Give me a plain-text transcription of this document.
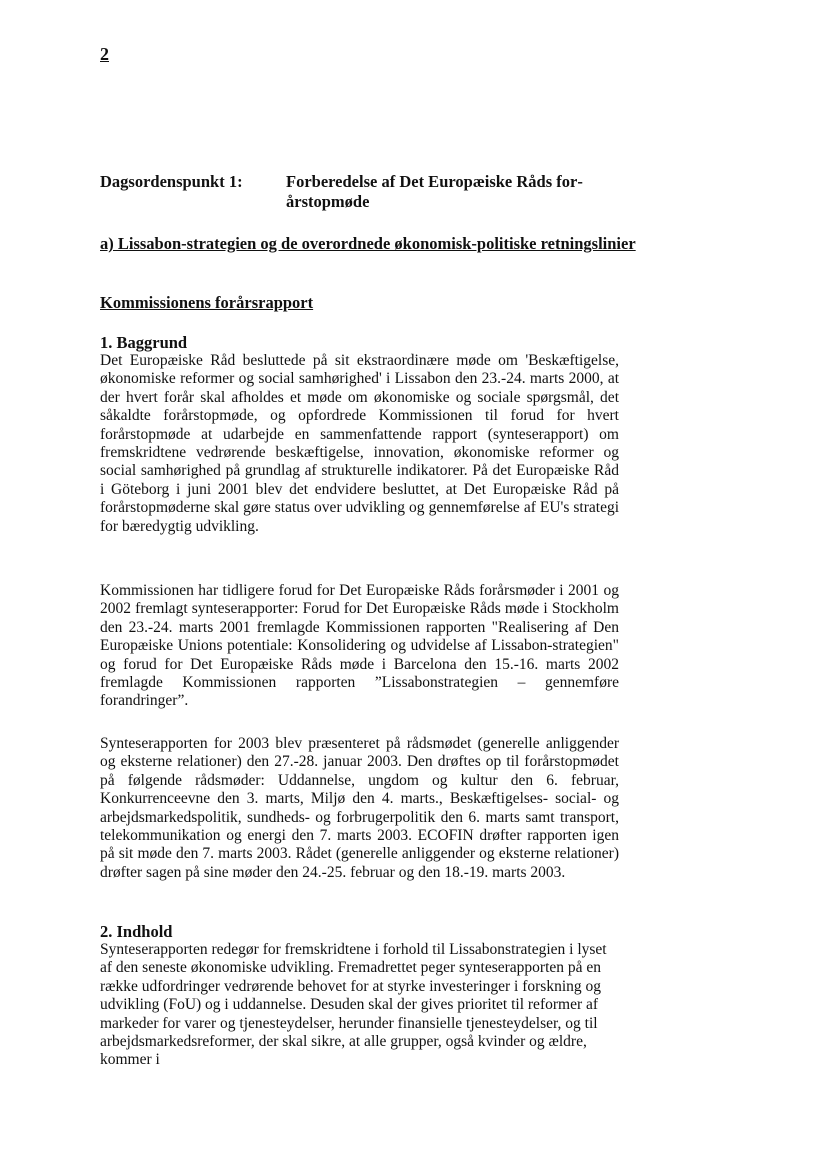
2
Dagsordenspunkt 1:	Forberedelse af Det Europæiske Råds forårstopmøde
a) Lissabon-strategien og de overordnede økonomisk-politiske retningslinier
Kommissionens forårsrapport
1. Baggrund

Det Europæiske Råd besluttede på sit ekstraordinære møde om 'Beskæftigelse, økonomiske reformer og social samhørighed' i Lissabon den 23.-24. marts 2000, at der hvert forår skal afholdes et møde om økonomiske og sociale spørgsmål, det såkaldte forårstopmøde, og opfordrede Kommissionen til forud for hvert forårstopmøde at udarbejde en sammenfattende rapport (synteserapport) om fremskridtene vedrørende beskæftigelse, innovation, økonomiske reformer og social samhørighed på grundlag af strukturelle indikatorer. På det Europæiske Råd i Göteborg i juni 2001 blev det endvidere besluttet, at Det Europæiske Råd på forårstopmøderne skal gøre status over udvikling og gennemførelse af EU's strategi for bæredygtig udvikling.

Kommissionen har tidligere forud for Det Europæiske Råds forårsmøder i 2001 og 2002 fremlagt synteserapporter: Forud for Det Europæiske Råds møde i Stockholm den 23.-24. marts 2001 fremlagde Kommissionen rapporten "Realisering af Den Europæiske Unions potentiale: Konsolidering og udvidelse af Lissabon-strategien" og forud for Det Europæiske Råds møde i Barcelona den 15.-16. marts 2002 fremlagde Kommissionen rapporten ”Lissabonstrategien – gennemføre forandringer”.

Synteserapporten for 2003 blev præsenteret på rådsmødet (generelle anliggender og eksterne relationer) den 27.-28. januar 2003. Den drøftes op til forårstopmødet på følgende rådsmøder: Uddannelse, ungdom og kultur den 6. februar, Konkurrenceevne den 3. marts, Miljø den 4. marts., Beskæftigelses- social- og arbejdsmarkedspolitik, sundheds- og forbrugerpolitik den 6. marts samt transport, telekommunikation og energi den 7. marts 2003. ECOFIN drøfter rapporten igen på sit møde den 7. marts 2003. Rådet (generelle anliggender og eksterne relationer) drøfter sagen på sine møder den 24.-25. februar og den 18.-19. marts 2003.

2. Indhold

Synteserapporten redegør for fremskridtene i forhold til Lissabonstrategien i lyset af den seneste økonomiske udvikling. Fremadrettet peger synteserapporten på en række udfordringer vedrørende behovet for at styrke investeringer i forskning og udvikling (FoU) og i uddannelse. Desuden skal der gives prioritet til reformer af markeder for varer og tjenesteydelser, herunder finansielle tjenesteydelser, og til arbejdsmarkedsreformer, der skal sikre, at alle grupper, også kvinder og ældre, kommer i
